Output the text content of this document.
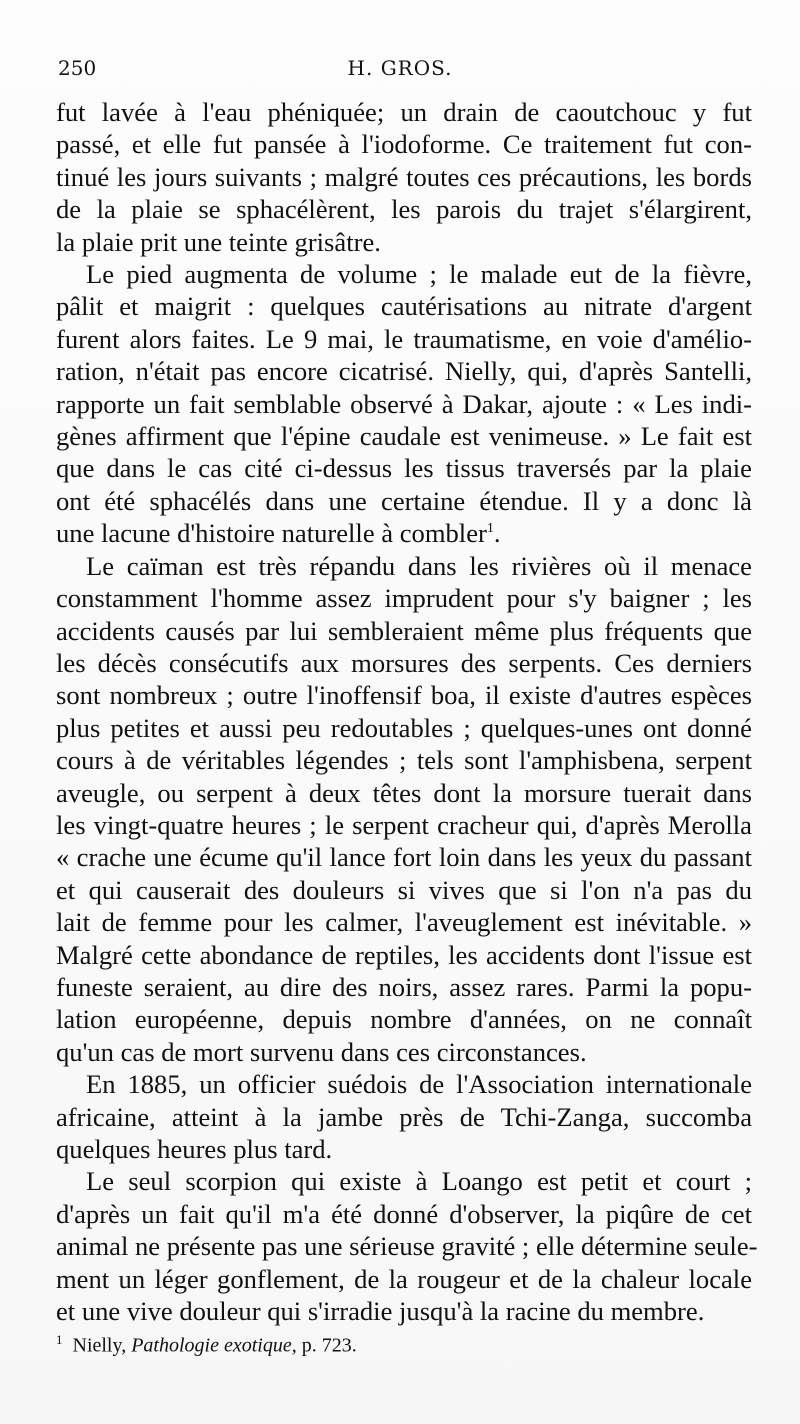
250	H. GROS.
fut lavée à l'eau phéniquée; un drain de caoutchouc y fut
passé, et elle fut pansée à l'iodoforme. Ce traitement fut con-
tinué les jours suivants ; malgré toutes ces précautions, les bords
de la plaie se sphacélèrent, les parois du trajet s'élargirent,
la plaie prit une teinte grisâtre.
Le pied augmenta de volume ; le malade eut de la fièvre,
pâlit et maigrit : quelques cautérisations au nitrate d'argent
furent alors faites. Le 9 mai, le traumatisme, en voie d'amélio-
ration, n'était pas encore cicatrisé. Nielly, qui, d'après Santelli,
rapporte un fait semblable observé à Dakar, ajoute : « Les indi-
gènes affirment que l'épine caudale est venimeuse. » Le fait est
que dans le cas cité ci-dessus les tissus traversés par la plaie
ont été sphacélés dans une certaine étendue. Il y a donc là
une lacune d'histoire naturelle à combler$^1$.
Le caïman est très répandu dans les rivières où il menace
constamment l'homme assez imprudent pour s'y baigner ; les
accidents causés par lui sembleraient même plus fréquents que
les décès consécutifs aux morsures des serpents. Ces derniers
sont nombreux ; outre l'inoffensif boa, il existe d'autres espèces
plus petites et aussi peu redoutables ; quelques-unes ont donné
cours à de véritables légendes ; tels sont l'amphisbena, serpent
aveugle, ou serpent à deux têtes dont la morsure tuerait dans
les vingt-quatre heures ; le serpent cracheur qui, d'après Merolla
« crache une écume qu'il lance fort loin dans les yeux du passant
et qui causerait des douleurs si vives que si l'on n'a pas du
lait de femme pour les calmer, l'aveuglement est inévitable. »
Malgré cette abondance de reptiles, les accidents dont l'issue est
funeste seraient, au dire des noirs, assez rares. Parmi la popu-
lation européenne, depuis nombre d'années, on ne connaît
qu'un cas de mort survenu dans ces circonstances.
En 1885, un officier suédois de l'Association internationale
africaine, atteint à la jambe près de Tchi-Zanga, succomba
quelques heures plus tard.
Le seul scorpion qui existe à Loango est petit et court ;
d'après un fait qu'il m'a été donné d'observer, la piqûre de cet
animal ne présente pas une sérieuse gravité ; elle détermine seule-
ment un léger gonflement, de la rougeur et de la chaleur locale
et une vive douleur qui s'irradie jusqu'à la racine du membre.
$^1$ Nielly, Pathologie exotique, p. 723.
